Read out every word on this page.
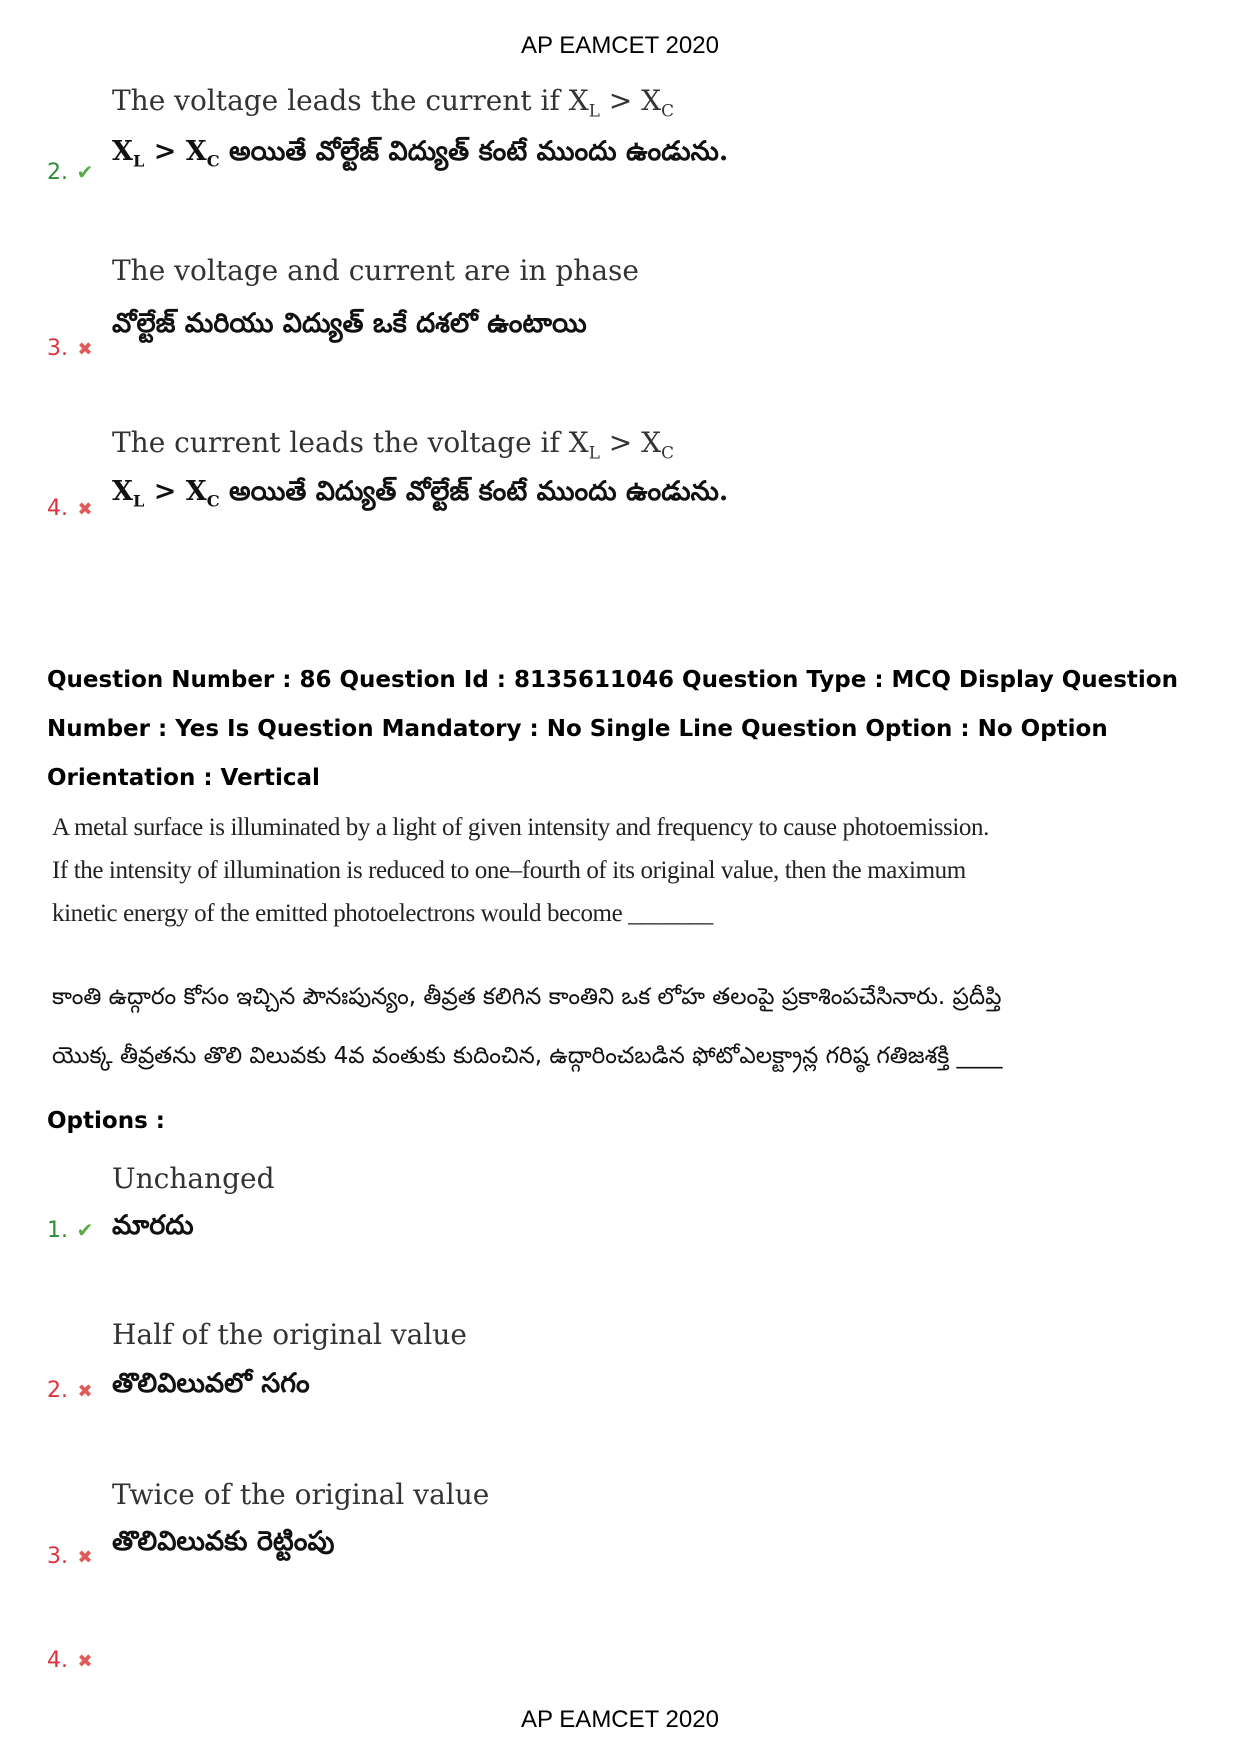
AP EAMCET 2020
The voltage leads the current if $X_L > X_C$
$X_L > X_C$ అయితే వోల్టేజ్ విద్యుత్ కంటే ముందు ఉండును.
2. ✔
The voltage and current are in phase
వోల్టేజ్ మరియు విద్యుత్ ఒకే దశలో ఉంటాయి
3. ✖
The current leads the voltage if $X_L > X_C$
$X_L > X_C$ అయితే విద్యుత్ వోల్టేజ్ కంటే ముందు ఉండును.
4. ✖
Question Number : 86 Question Id : 8135611046 Question Type : MCQ Display Question
Number : Yes Is Question Mandatory : No Single Line Question Option : No Option
Orientation : Vertical
A metal surface is illuminated by a light of given intensity and frequency to cause photoemission.
If the intensity of illumination is reduced to one–fourth of its original value, then the maximum
kinetic energy of the emitted photoelectrons would become _______
కాంతి ఉద్గారం కోసం ఇచ్చిన పౌనఃపున్యం, తీవ్రత కలిగిన కాంతిని ఒక లోహ తలంపై ప్రకాశింపచేసినారు. ప్రదీప్తి
యొక్క తీవ్రతను తొలి విలువకు 4వ వంతుకు కుదించిన, ఉద్గారించబడిన ఫోటోఎలక్ట్రాన్ల గరిష్ఠ గతిజశక్తి ____
Options :
Unchanged
మారదు
1. ✔
Half of the original value
తొలివిలువలో సగం
2. ✖
Twice of the original value
తొలివిలువకు రెట్టింపు
3. ✖
4. ✖
AP EAMCET 2020
